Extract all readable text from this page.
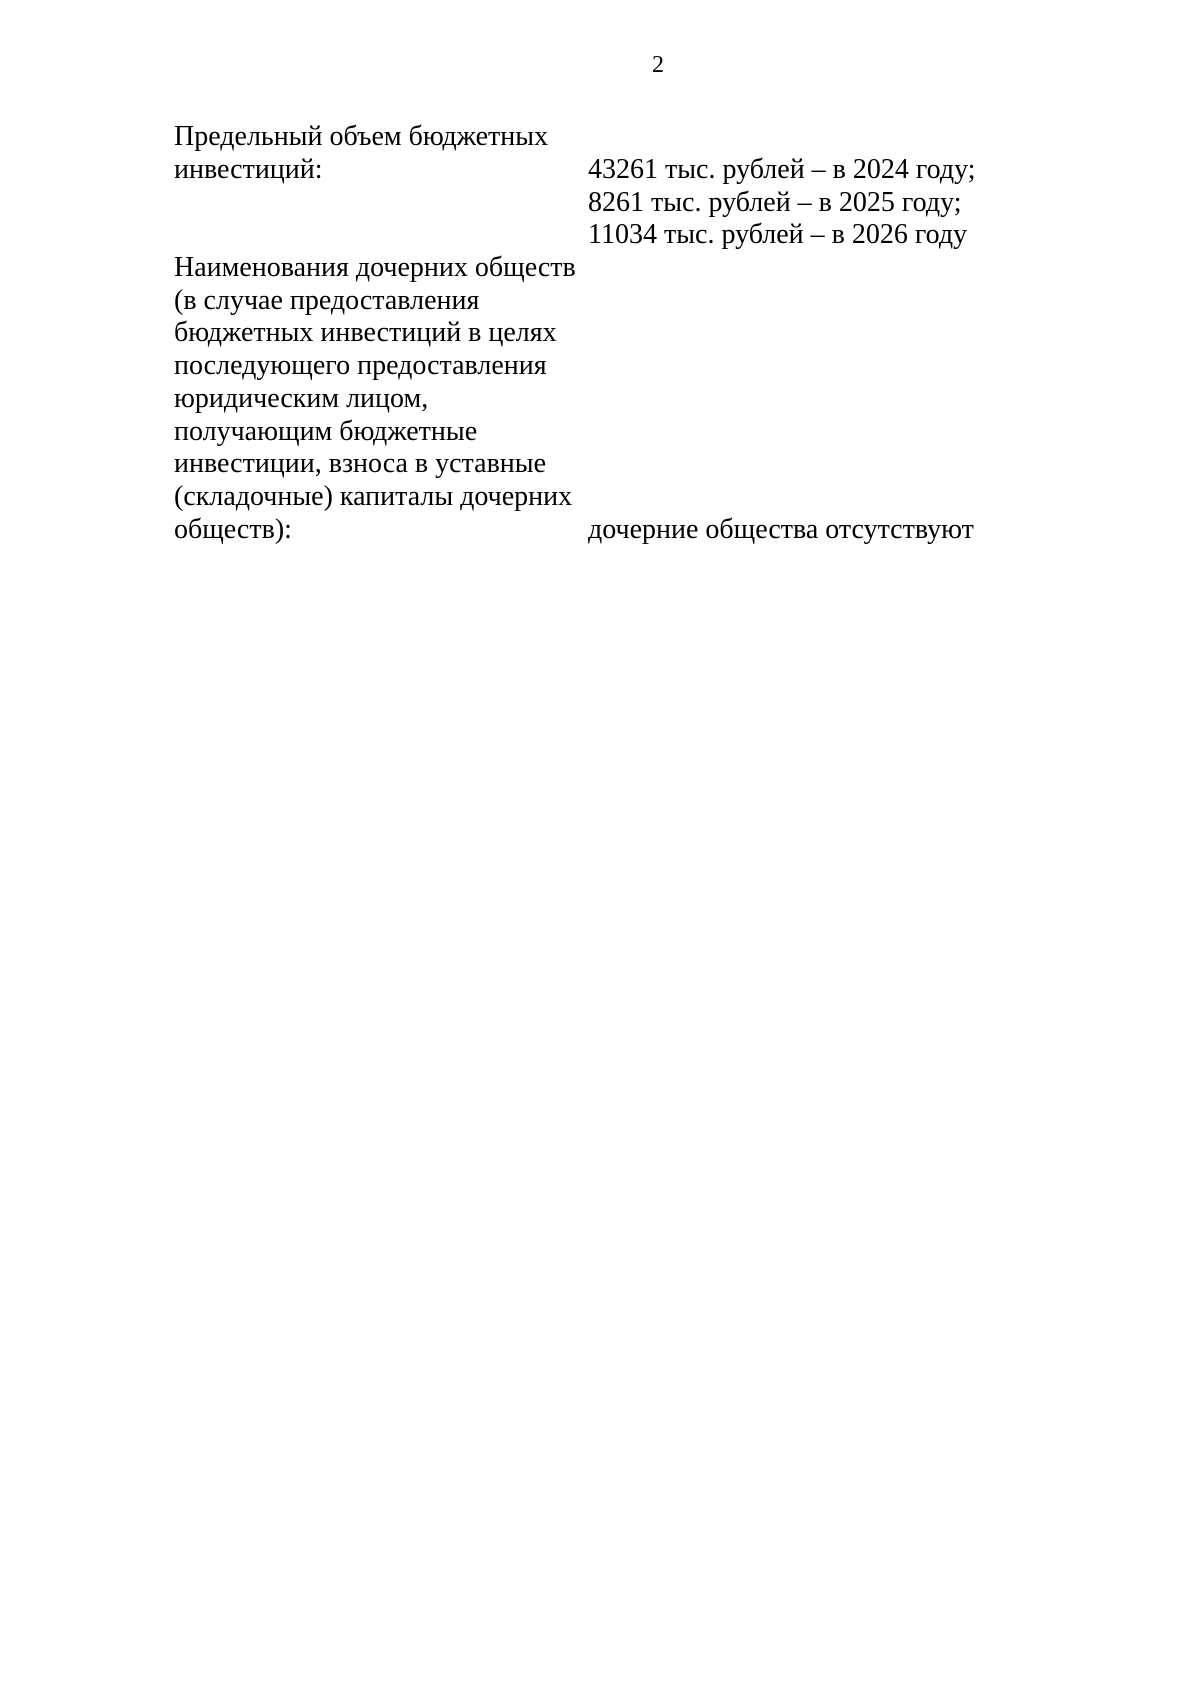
2
Предельный объем бюджетных
инвестиций:	43261 тыс. рублей – в 2024 году;
8261 тыс. рублей – в 2025 году;
11034 тыс. рублей – в 2026 году
Наименования дочерних обществ
(в случае предоставления
бюджетных инвестиций в целях
последующего предоставления
юридическим лицом,
получающим бюджетные
инвестиции, взноса в уставные
(складочные) капиталы дочерних
обществ):	дочерние общества отсутствуют
